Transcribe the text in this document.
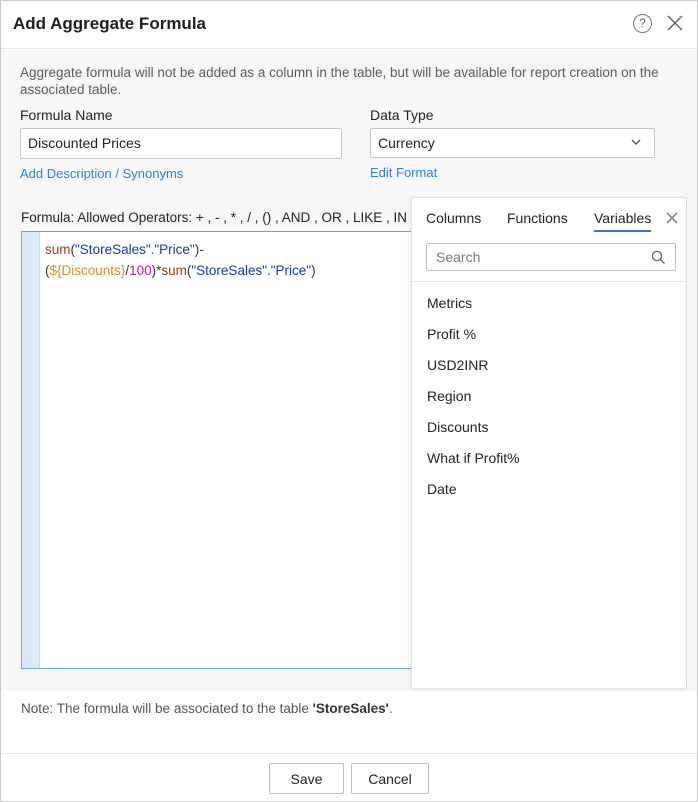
Add Aggregate Formula	?
Aggregate formula will not be added as a column in the table, but will be available for report creation on the associated table.
Formula Name
Discounted Prices
Add Description / Synonyms
Data Type
Currency
Edit Format
Formula: Allowed Operators: + , - , * , / , () , AND , OR , LIKE , IN
sum("StoreSales"."Price")-
(${Discounts}/100)*sum("StoreSales"."Price")
Columns Functions Variables
Search
Metrics
Profit %
USD2INR
Region
Discounts
What if Profit%
Date
Note: The formula will be associated to the table 'StoreSales'.
Save	Cancel
